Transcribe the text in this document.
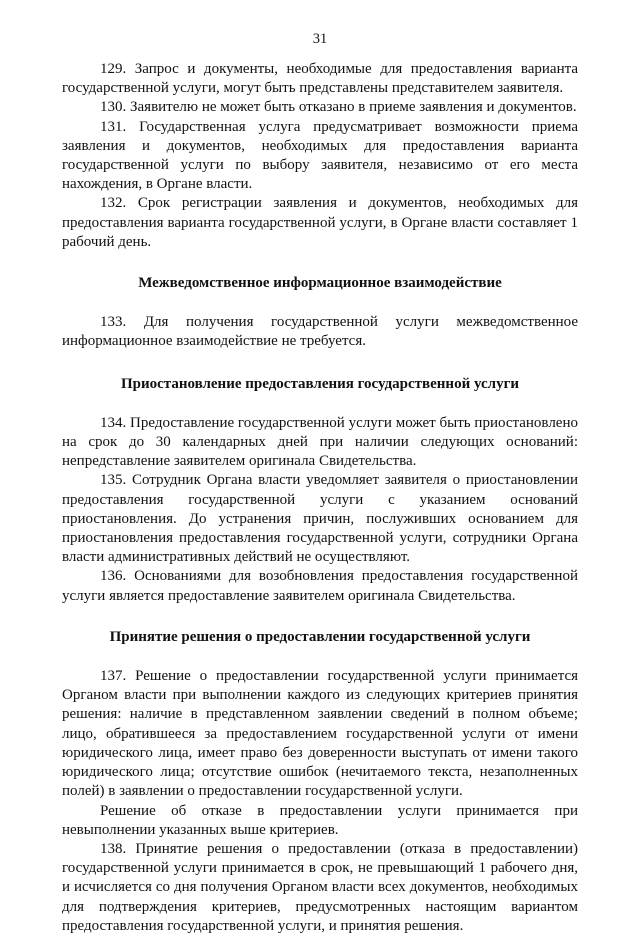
31

129. Запрос и документы, необходимые для предоставления варианта государственной услуги, могут быть представлены представителем заявителя.

130. Заявителю не может быть отказано в приеме заявления и документов.

131. Государственная услуга предусматривает возможности приема заявления и документов, необходимых для предоставления варианта государственной услуги по выбору заявителя, независимо от его места нахождения, в Органе власти.

132. Срок регистрации заявления и документов, необходимых для предоставления варианта государственной услуги, в Органе власти составляет 1 рабочий день.

Межведомственное информационное взаимодействие

133. Для получения государственной услуги межведомственное информационное взаимодействие не требуется.

Приостановление предоставления государственной услуги

134. Предоставление государственной услуги может быть приостановлено на срок до 30 календарных дней при наличии следующих оснований: непредставление заявителем оригинала Свидетельства.

135. Сотрудник Органа власти уведомляет заявителя о приостановлении предоставления государственной услуги с указанием оснований приостановления. До устранения причин, послуживших основанием для приостановления предоставления государственной услуги, сотрудники Органа власти административных действий не осуществляют.

136. Основаниями для возобновления предоставления государственной услуги является предоставление заявителем оригинала Свидетельства.

Принятие решения о предоставлении государственной услуги

137. Решение о предоставлении государственной услуги принимается Органом власти при выполнении каждого из следующих критериев принятия решения: наличие в представленном заявлении сведений в полном объеме; лицо, обратившееся за предоставлением государственной услуги от имени юридического лица, имеет право без доверенности выступать от имени такого юридического лица; отсутствие ошибок (нечитаемого текста, незаполненных полей) в заявлении о предоставлении государственной услуги.

Решение об отказе в предоставлении услуги принимается при невыполнении указанных выше критериев.

138. Принятие решения о предоставлении (отказа в предоставлении) государственной услуги принимается в срок, не превышающий 1 рабочего дня, и исчисляется со дня получения Органом власти всех документов, необходимых для подтверждения критериев, предусмотренных настоящим вариантом предоставления государственной услуги, и принятия решения.
